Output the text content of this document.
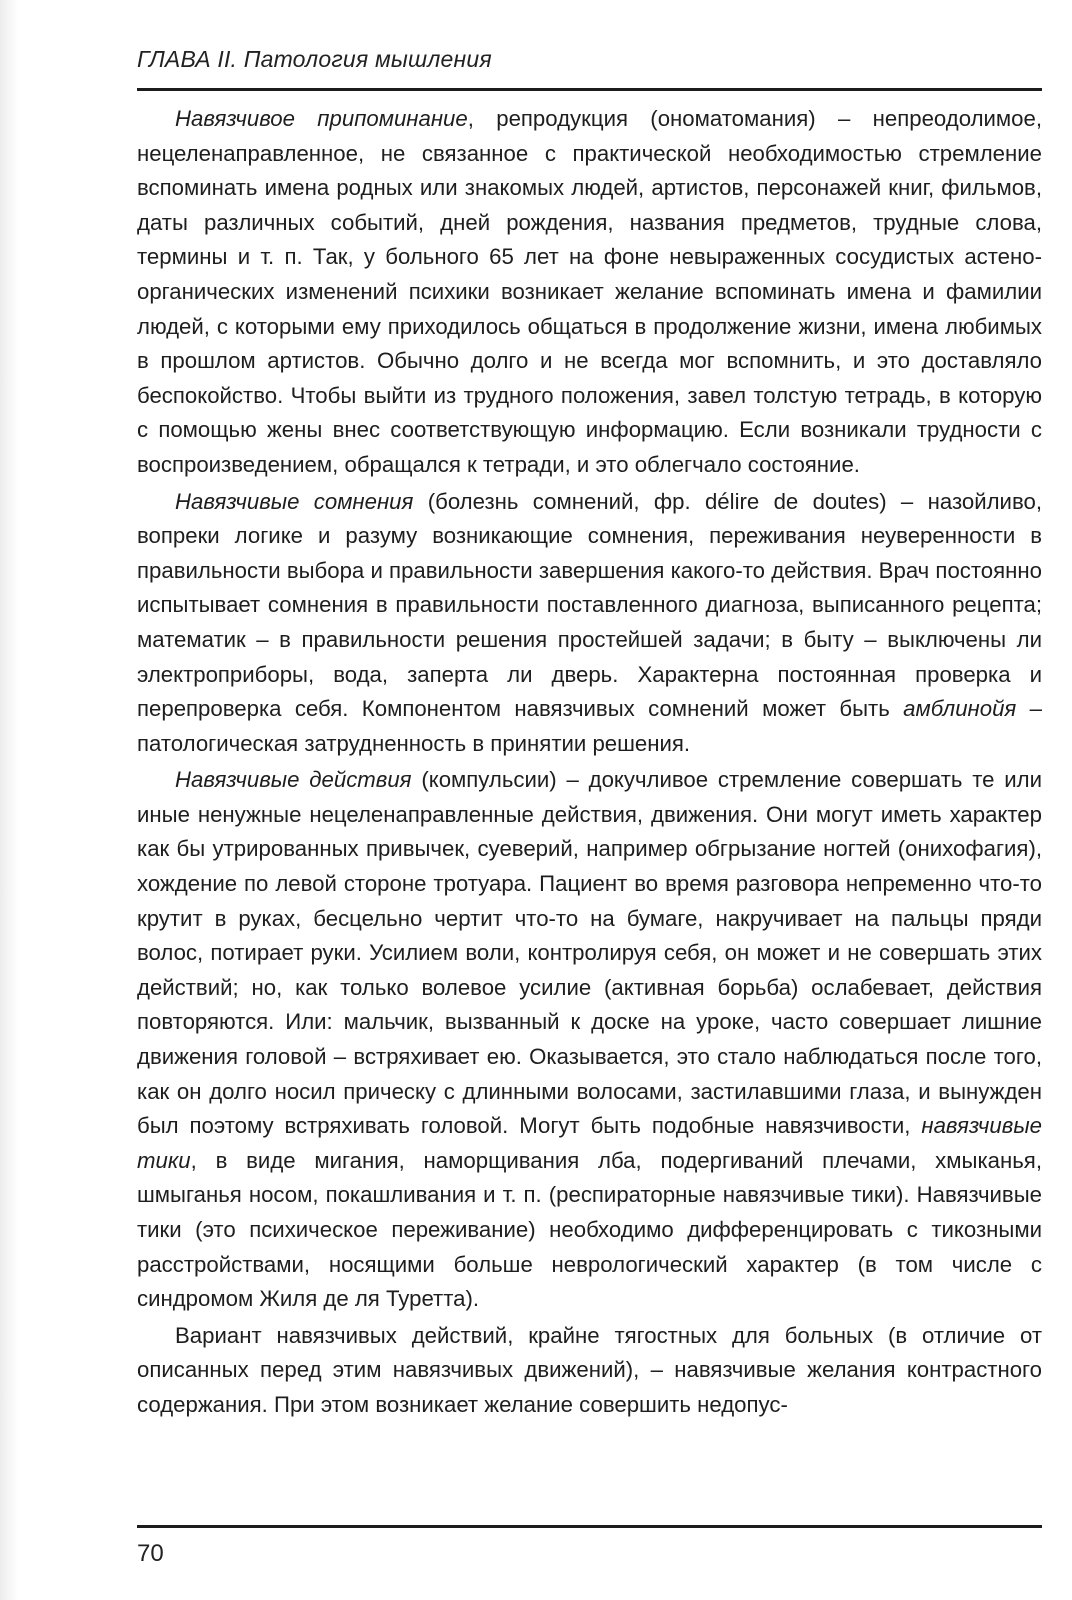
ГЛАВА II. Патология мышления

Навязчивое припоминание, репродукция (ономатомания) – непреодолимое, нецеленаправленное, не связанное с практической необходимостью стремление вспоминать имена родных или знакомых людей, артистов, персонажей книг, фильмов, даты различных событий, дней рождения, названия предметов, трудные слова, термины и т. п. Так, у больного 65 лет на фоне невыраженных сосудистых астено-органических изменений психики возникает желание вспоминать имена и фамилии людей, с которыми ему приходилось общаться в продолжение жизни, имена любимых в прошлом артистов. Обычно долго и не всегда мог вспомнить, и это доставляло беспокойство. Чтобы выйти из трудного положения, завел толстую тетрадь, в которую с помощью жены внес соответствующую информацию. Если возникали трудности с воспроизведением, обращался к тетради, и это облегчало состояние.

Навязчивые сомнения (болезнь сомнений, фр. délire de doutes) – назойливо, вопреки логике и разуму возникающие сомнения, переживания неуверенности в правильности выбора и правильности завершения какого-то действия. Врач постоянно испытывает сомнения в правильности поставленного диагноза, выписанного рецепта; математик – в правильности решения простейшей задачи; в быту – выключены ли электроприборы, вода, заперта ли дверь. Характерна постоянная проверка и перепроверка себя. Компонентом навязчивых сомнений может быть амблинойя – патологическая затрудненность в принятии решения.

Навязчивые действия (компульсии) – докучливое стремление совершать те или иные ненужные нецеленаправленные действия, движения. Они могут иметь характер как бы утрированных привычек, суеверий, например обгрызание ногтей (онихофагия), хождение по левой стороне тротуара. Пациент во время разговора непременно что-то крутит в руках, бесцельно чертит что-то на бумаге, накручивает на пальцы пряди волос, потирает руки. Усилием воли, контролируя себя, он может и не совершать этих действий; но, как только волевое усилие (активная борьба) ослабевает, действия повторяются. Или: мальчик, вызванный к доске на уроке, часто совершает лишние движения головой – встряхивает ею. Оказывается, это стало наблюдаться после того, как он долго носил прическу с длинными волосами, застилавшими глаза, и вынужден был поэтому встряхивать головой. Могут быть подобные навязчивости, навязчивые тики, в виде мигания, наморщивания лба, подергиваний плечами, хмыканья, шмыганья носом, покашливания и т. п. (респираторные навязчивые тики). Навязчивые тики (это психическое переживание) необходимо дифференцировать с тикозными расстройствами, носящими больше неврологический характер (в том числе с синдромом Жиля де ля Туретта).

Вариант навязчивых действий, крайне тягостных для больных (в отличие от описанных перед этим навязчивых движений), – навязчивые желания контрастного содержания. При этом возникает желание совершить недопус-

70
